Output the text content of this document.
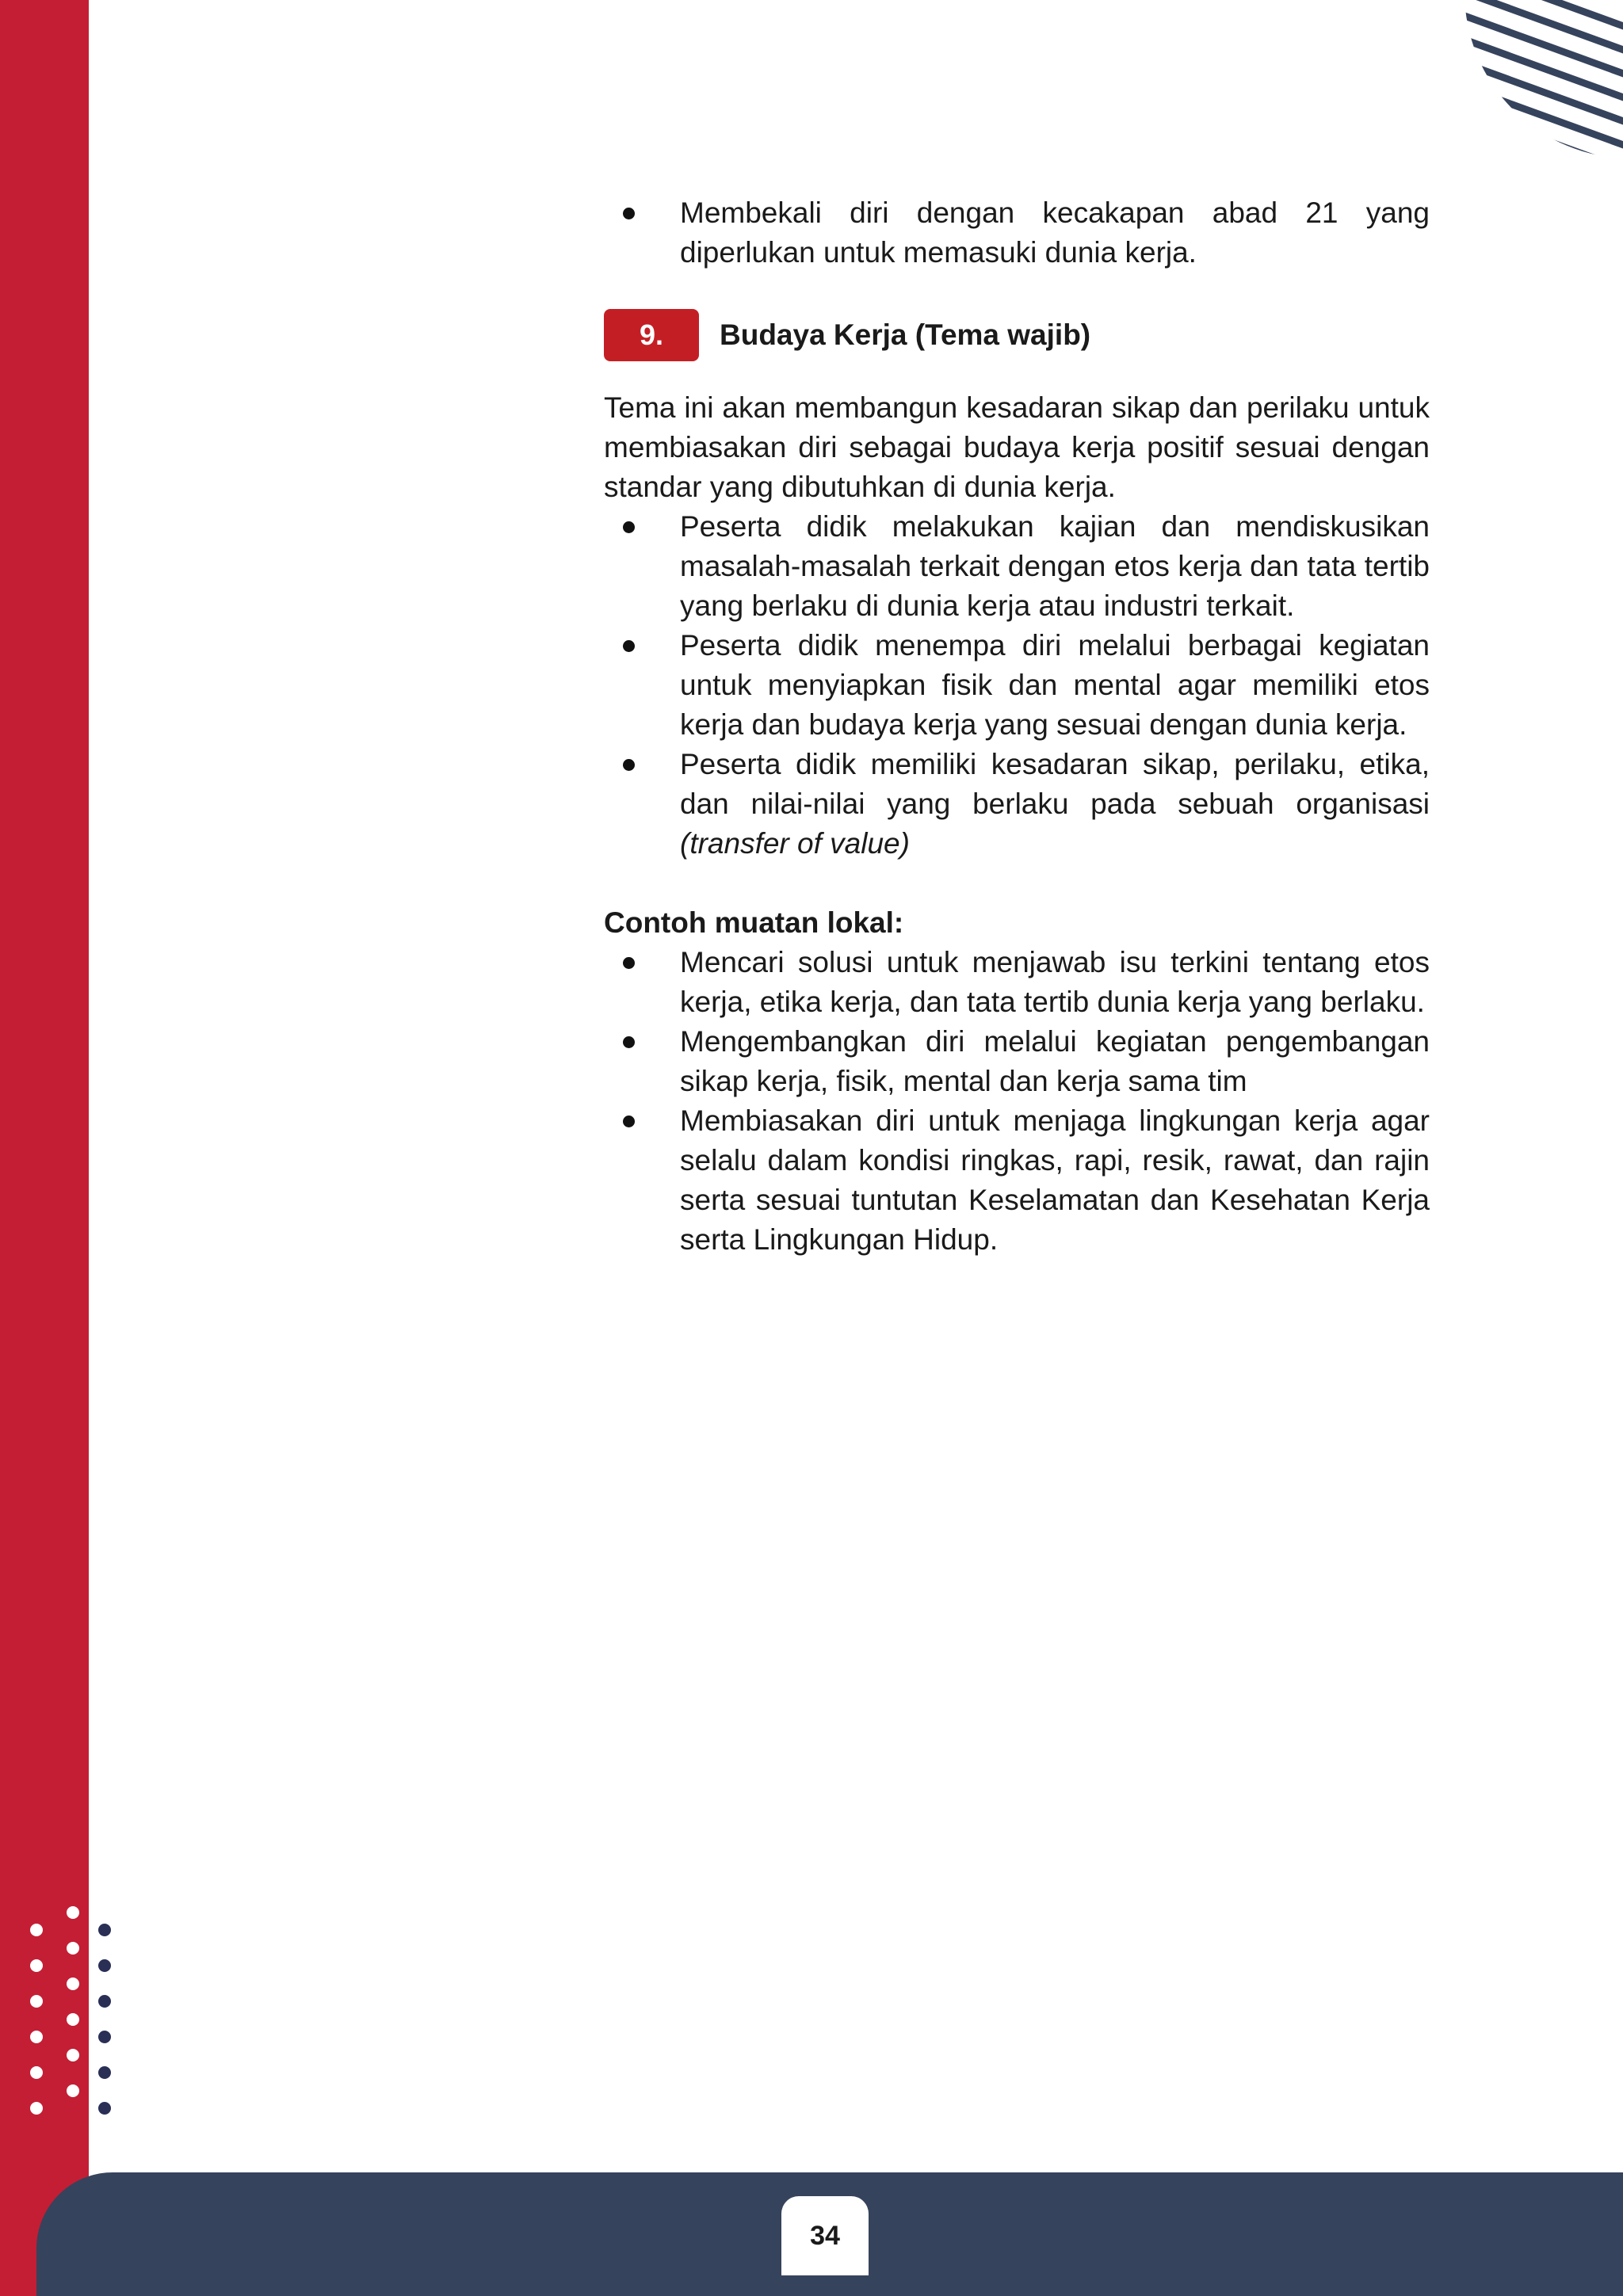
Membekali diri dengan kecakapan abad 21 yang diperlukan untuk memasuki dunia kerja.
9.	Budaya Kerja (Tema wajib)

Tema ini akan membangun kesadaran sikap dan perilaku untuk membiasakan diri sebagai budaya kerja positif sesuai dengan standar yang dibutuhkan di dunia kerja.

Peserta didik melakukan kajian dan mendiskusikan masalah-masalah terkait dengan etos kerja dan tata tertib yang berlaku di dunia kerja atau industri terkait.
Peserta didik menempa diri melalui berbagai kegiatan untuk menyiapkan fisik dan mental agar memiliki etos kerja dan budaya kerja yang sesuai dengan dunia kerja.
Peserta didik memiliki kesadaran sikap, perilaku, etika, dan nilai-nilai yang berlaku pada sebuah organisasi (transfer of value)
Contoh muatan lokal:
Mencari solusi untuk menjawab isu terkini tentang etos kerja, etika kerja, dan tata tertib dunia kerja yang berlaku.
Mengembangkan diri melalui kegiatan pengembangan sikap kerja, fisik, mental dan kerja sama tim
Membiasakan diri untuk menjaga lingkungan kerja agar selalu dalam kondisi ringkas, rapi, resik, rawat, dan rajin serta sesuai tuntutan Keselamatan dan Kesehatan Kerja serta Lingkungan Hidup.
34
